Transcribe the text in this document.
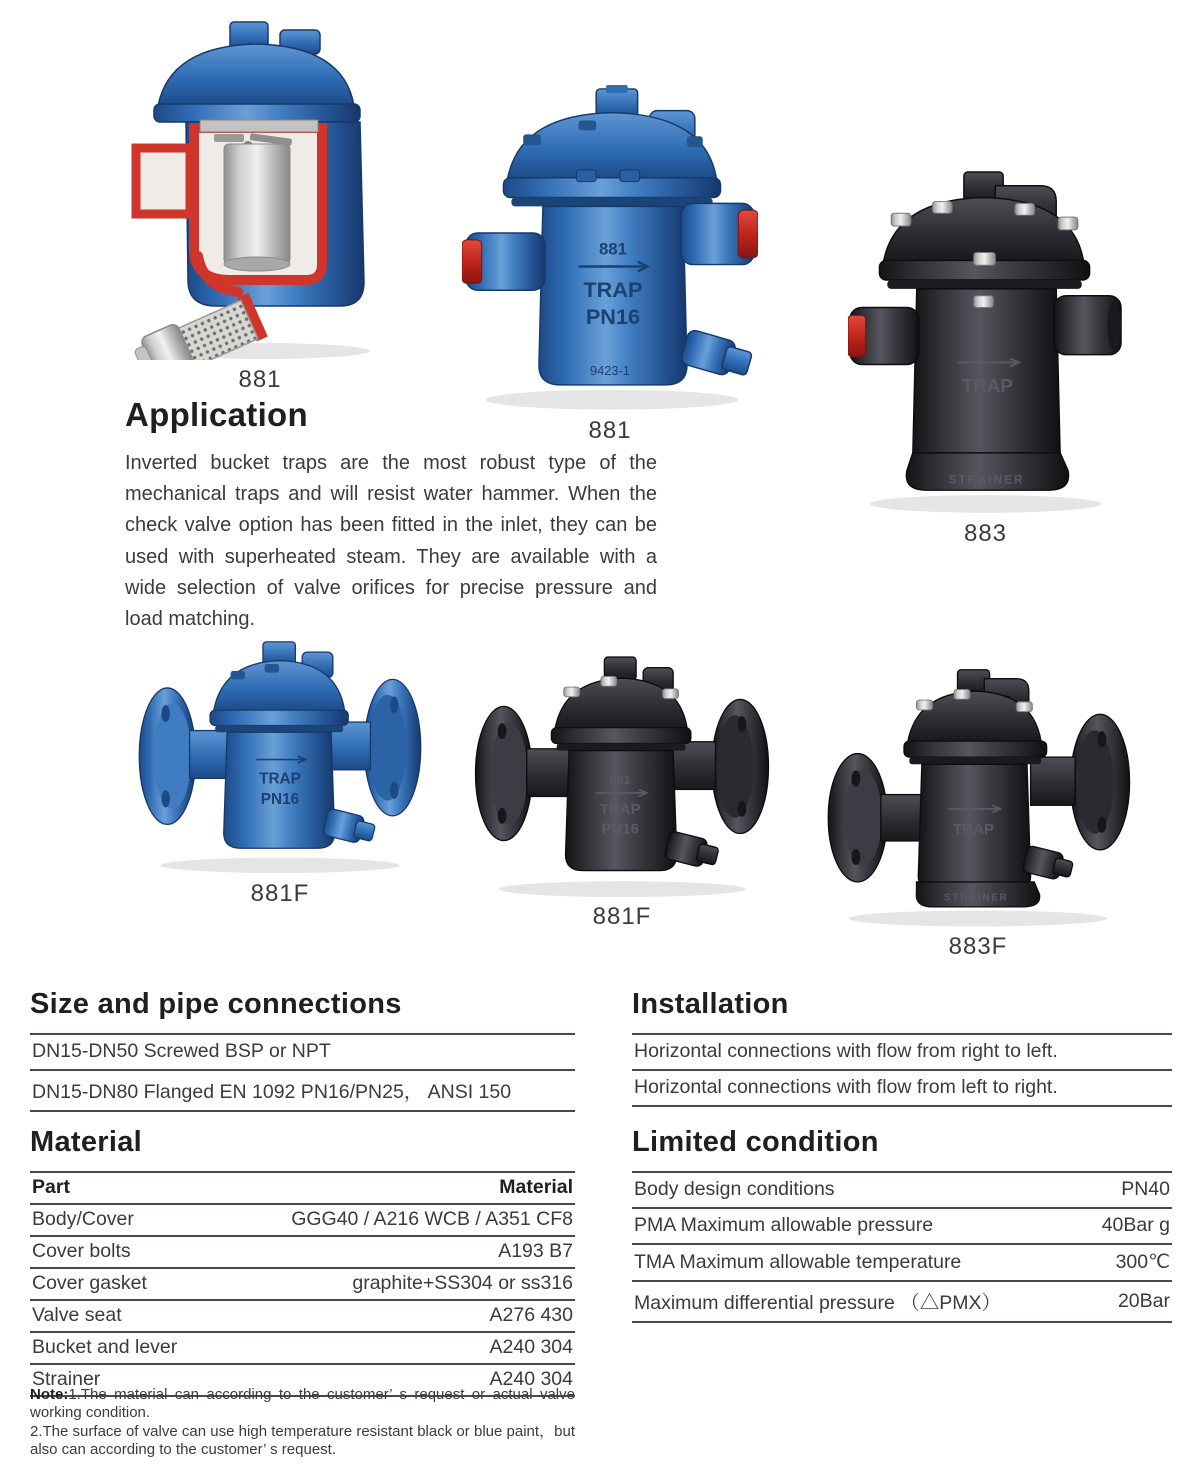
881
881
TRAP
PN16
9423-1
881
TRAP
STRAINER
883
TRAP
PN16
881F
881
TRAP
PN16
881F
TRAP
STRAINER
883F
Application

Inverted bucket traps are the most robust type of the mechanical traps and will resist water hammer. When the check valve option has been fitted in the inlet, they can be used with superheated steam. They are available with a wide selection of valve orifices for precise pressure and load matching.

Size and pipe connections
DN15-DN50 Screwed BSP or NPT
DN15-DN80 Flanged EN 1092 PN16/PN25， ANSI 150
Installation
Horizontal connections with flow from right to left.
Horizontal connections with flow from left to right.
Material
Part	Material
Body/Cover	GGG40 / A216 WCB / A351 CF8
Cover bolts	A193 B7
Cover gasket	graphite+SS304 or ss316
Valve seat	A276 430
Bucket and lever	A240 304
Strainer	A240 304
Limited condition
Body design conditions	PN40
PMA Maximum allowable pressure	40Bar g
TMA Maximum allowable temperature	300℃
Maximum differential pressure （△PMX）	20Bar

Note:1.The material can according to the customer’ s request or actual valve working condition.

2.The surface of valve can use high temperature resistant black or blue paint，but also can according to the customer’ s request.
